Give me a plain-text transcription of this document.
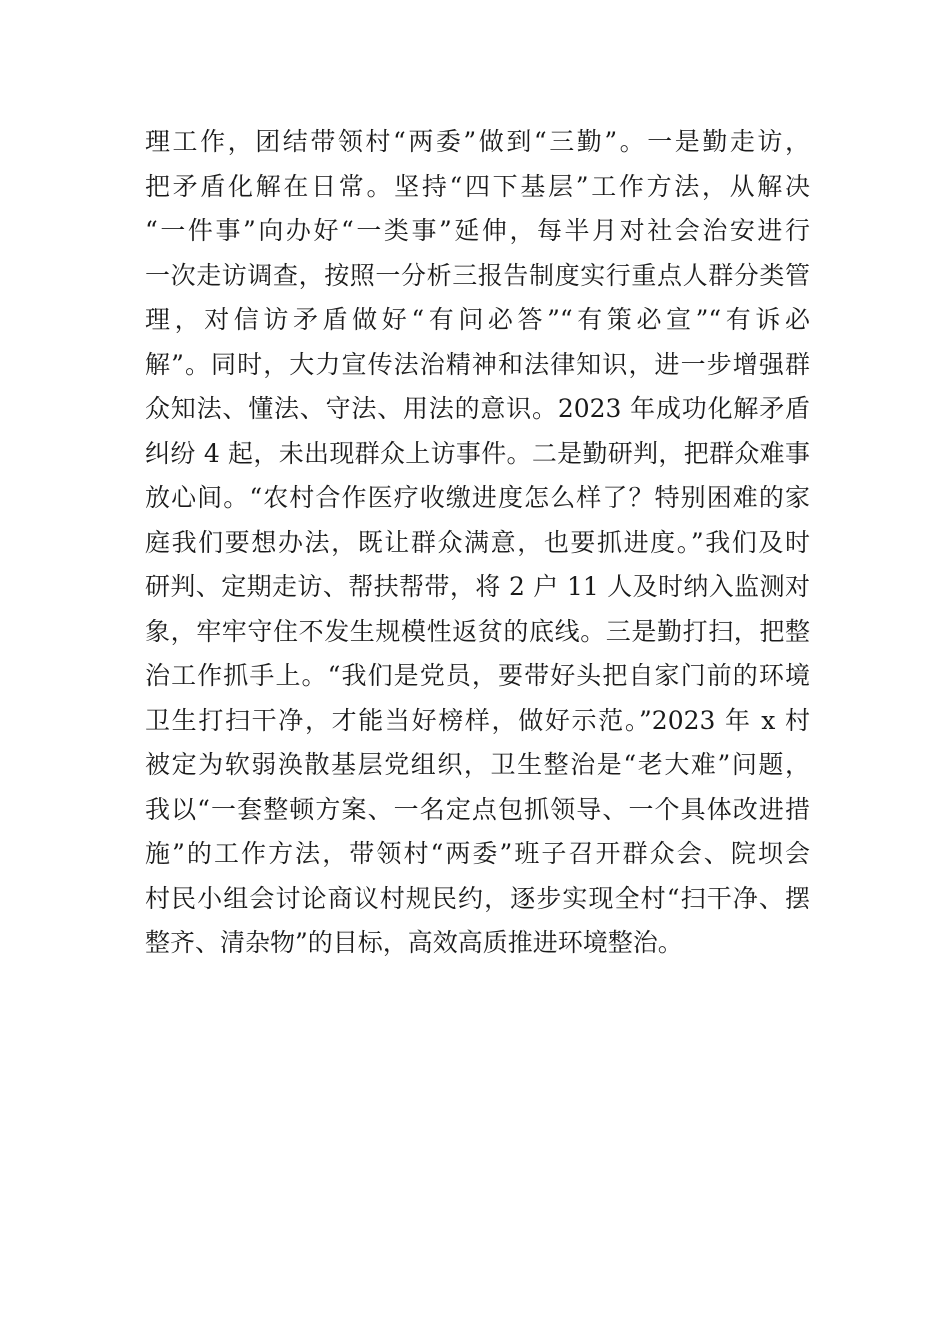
理工作，团结带领村“两委”做到“三勤”。一是勤走访，
把矛盾化解在日常。坚持“四下基层”工作方法，从解决
“一件事”向办好“一类事”延伸，每半月对社会治安进行
一次走访调查，按照一分析三报告制度实行重点人群分类管
理，对信访矛盾做好“有问必答”“有策必宣”“有诉必
解”。同时，大力宣传法治精神和法律知识，进一步增强群
众知法、懂法、守法、用法的意识。2023 年成功化解矛盾
纠纷 4 起，未出现群众上访事件。二是勤研判，把群众难事
放心间。“农村合作医疗收缴进度怎么样了？特别困难的家
庭我们要想办法，既让群众满意，也要抓进度。”我们及时
研判、定期走访、帮扶帮带，将 2 户 11 人及时纳入监测对
象，牢牢守住不发生规模性返贫的底线。三是勤打扫，把整
治工作抓手上。“我们是党员，要带好头把自家门前的环境
卫生打扫干净，才能当好榜样，做好示范。”2023 年 x 村
被定为软弱涣散基层党组织，卫生整治是“老大难”问题，
我以“一套整顿方案、一名定点包抓领导、一个具体改进措
施”的工作方法，带领村“两委”班子召开群众会、院坝会
村民小组会讨论商议村规民约，逐步实现全村“扫干净、摆
整齐、清杂物”的目标，高效高质推进环境整治。
